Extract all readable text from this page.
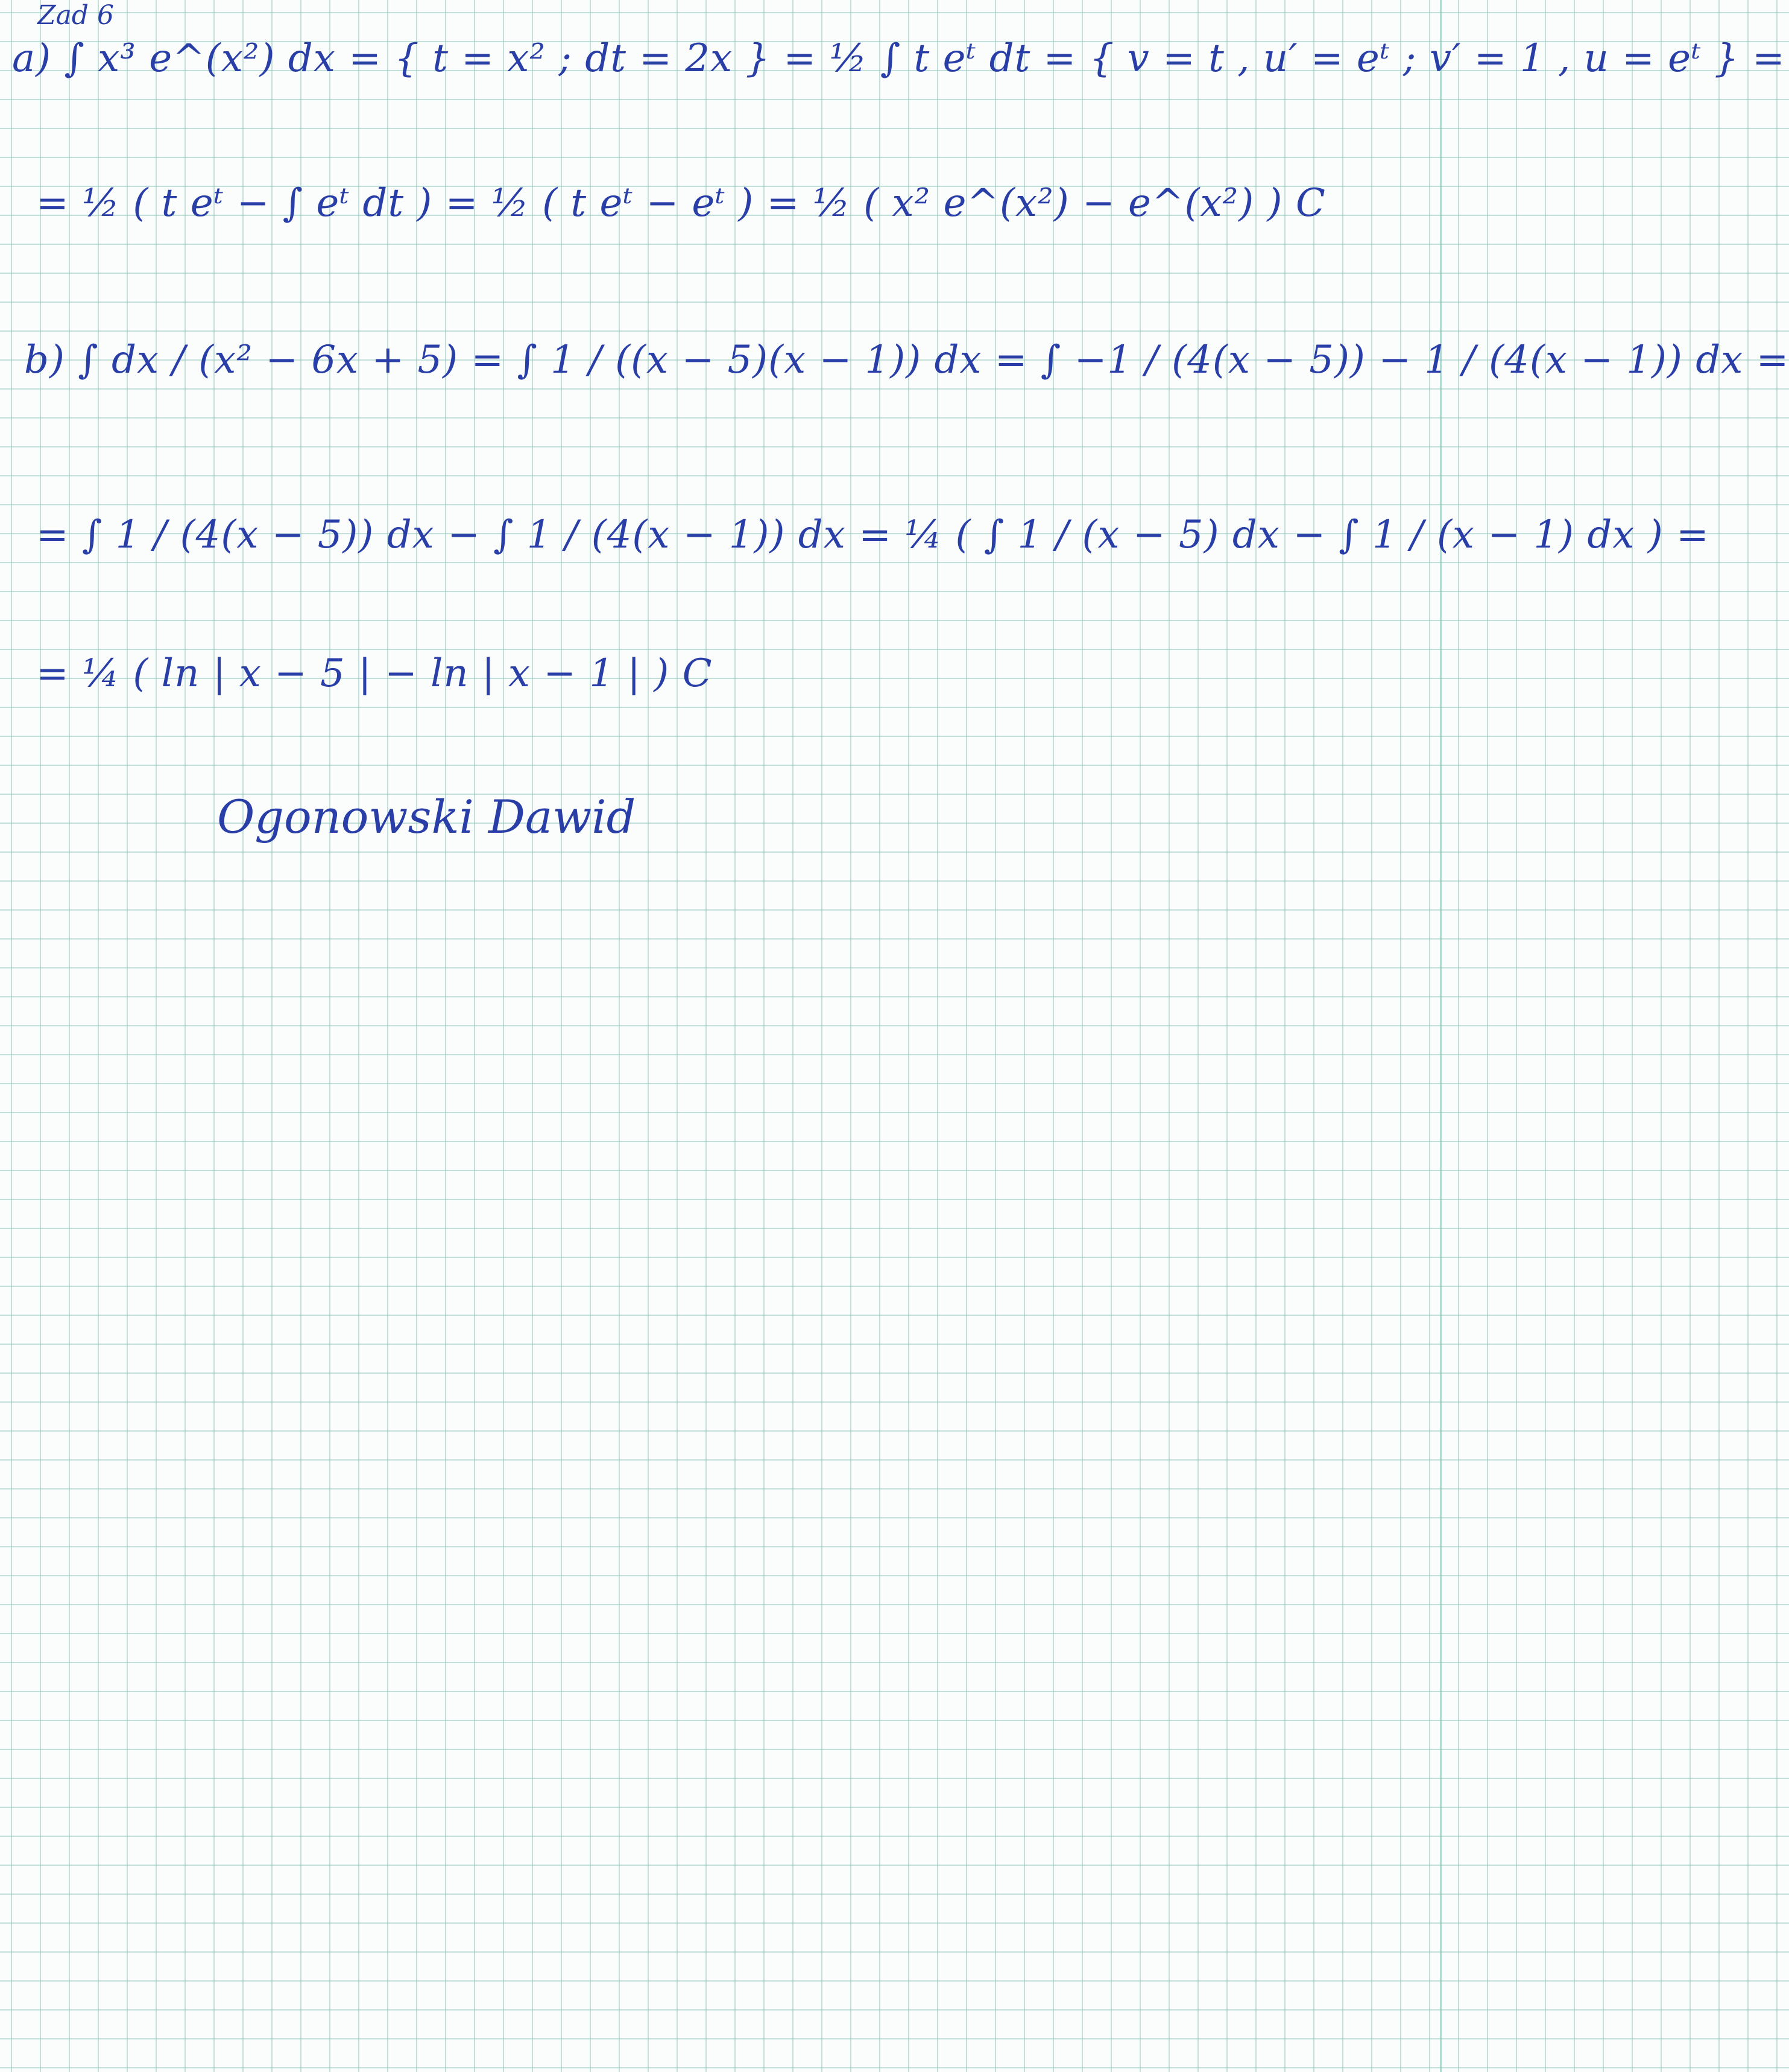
Zad 6
a) ∫ x³ e^(x²) dx = { t = x² ; dt = 2x } = ½ ∫ t eᵗ dt = { v = t , u′ = eᵗ ; v′ = 1 , u = eᵗ } =
= ½ ( t eᵗ − ∫ eᵗ dt ) = ½ ( t eᵗ − eᵗ ) = ½ ( x² e^(x²) − e^(x²) ) C
b) ∫ dx / (x² − 6x + 5) = ∫ 1 / ((x − 5)(x − 1)) dx = ∫ −1 / (4(x − 5)) − 1 / (4(x − 1)) dx =
= ∫ 1 / (4(x − 5)) dx − ∫ 1 / (4(x − 1)) dx = ¼ ( ∫ 1 / (x − 5) dx − ∫ 1 / (x − 1) dx ) =
= ¼ ( ln | x − 5 | − ln | x − 1 | ) C
Ogonowski Dawid
